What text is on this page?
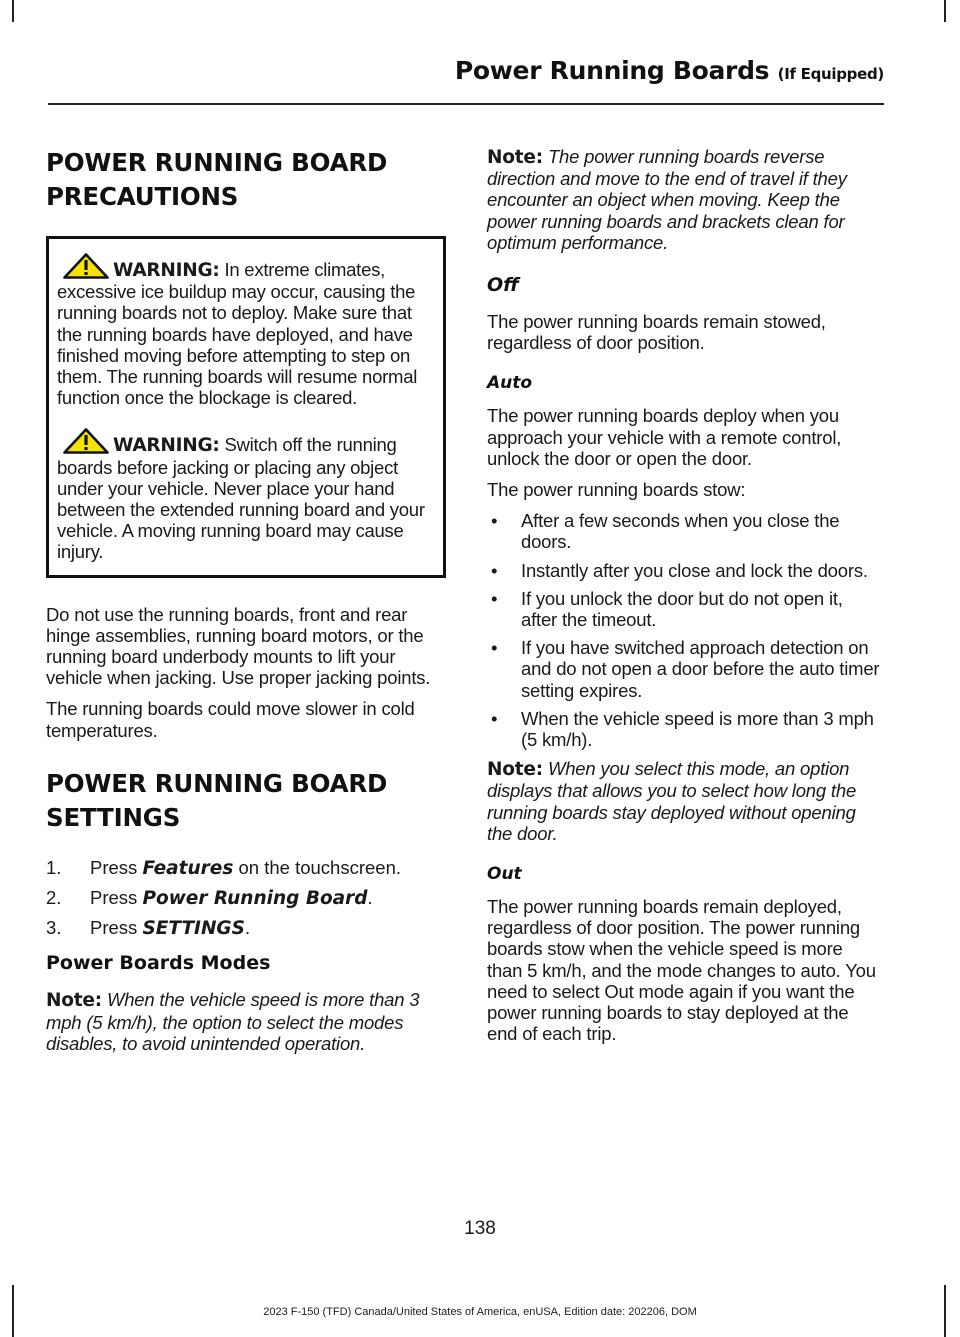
Power Running Boards (If Equipped)
POWER RUNNING BOARD
PRECAUTIONS
WARNING: In extreme climates, excessive ice buildup may occur, causing the running boards not to deploy. Make sure that the running boards have deployed, and have finished moving before attempting to step on them. The running boards will resume normal function once the blockage is cleared.
WARNING: Switch off the running boards before jacking or placing any object under your vehicle. Never place your hand between the extended running board and your vehicle. A moving running board may cause injury.

Do not use the running boards, front and rear hinge assemblies, running board motors, or the running board underbody mounts to lift your vehicle when jacking. Use proper jacking points.

The running boards could move slower in cold temperatures.

POWER RUNNING BOARD
SETTINGS
1.	Press Features on the touchscreen.
2.	Press Power Running Board.
3.	Press SETTINGS.
Power Boards Modes

Note: When the vehicle speed is more than 3 mph (5 km/h), the option to select the modes disables, to avoid unintended operation.

Note: The power running boards reverse direction and move to the end of travel if they encounter an object when moving. Keep the power running boards and brackets clean for optimum performance.

Off

The power running boards remain stowed, regardless of door position.

Auto

The power running boards deploy when you approach your vehicle with a remote control, unlock the door or open the door.

The power running boards stow:

•	After a few seconds when you close the doors.
•	Instantly after you close and lock the doors.
•	If you unlock the door but do not open it, after the timeout.
•	If you have switched approach detection on and do not open a door before the auto timer setting expires.
•	When the vehicle speed is more than 3 mph (5 km/h).

Note: When you select this mode, an option displays that allows you to select how long the running boards stay deployed without opening the door.

Out

The power running boards remain deployed, regardless of door position. The power running boards stow when the vehicle speed is more than 5 km/h, and the mode changes to auto. You need to select Out mode again if you want the power running boards to stay deployed at the end of each trip.

138
2023 F-150 (TFD) Canada/United States of America, enUSA, Edition date: 202206, DOM
